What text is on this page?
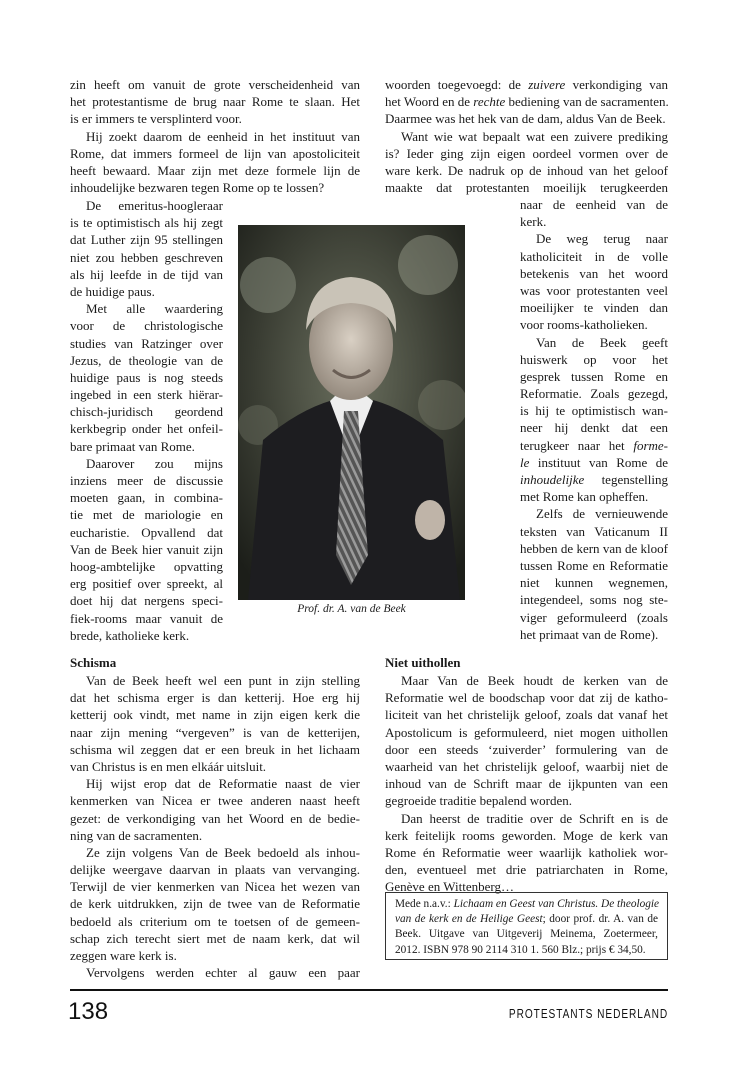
zin heeft om vanuit de grote verscheidenheid van
het protestantisme de brug naar Rome te slaan. Het
is er immers te versplinterd voor.
Hij zoekt daarom de eenheid in het instituut van
Rome, dat immers formeel de lijn van apostoliciteit
heeft bewaard. Maar zijn met deze formele lijn de
inhoudelijke bezwaren tegen Rome op te lossen?
De emeritus-hoogleraar
is te optimistisch als hij zegt
dat Luther zijn 95 stellingen
niet zou hebben geschreven
als hij leefde in de tijd van
de huidige paus.
Met alle waardering
voor de christologische
studies van Ratzinger over
Jezus, de theologie van de
huidige paus is nog steeds
ingebed in een sterk hiërar-
chisch-juridisch geordend
kerkbegrip onder het onfeil-
bare primaat van Rome.
Daarover zou mijns
inziens meer de discussie
moeten gaan, in combina-
tie met de mariologie en
eucharistie. Opvallend dat
Van de Beek hier vanuit zijn
hoog-ambtelijke opvatting
erg positief over spreekt, al
doet hij dat nergens speci-
fiek-rooms maar vanuit de
brede, katholieke kerk.
woorden toegevoegd: de zuivere verkondiging van
het Woord en de rechte bediening van de sacramenten.
Daarmee was het hek van de dam, aldus Van de Beek.
Want wie wat bepaalt wat een zuivere prediking
is? Ieder ging zijn eigen oordeel vormen over de
ware kerk. De nadruk op de inhoud van het geloof
maakte dat protestanten moeilijk terugkeerden
naar de eenheid van de
kerk.
De weg terug naar
katholiciteit in de volle
betekenis van het woord
was voor protestanten veel
moeilijker te vinden dan
voor rooms-katholieken.
Van de Beek geeft
huiswerk op voor het
gesprek tussen Rome en
Reformatie. Zoals gezegd,
is hij te optimistisch wan-
neer hij denkt dat een
terugkeer naar het forme-
le instituut van Rome de
inhoudelijke tegenstelling
met Rome kan opheffen.
Zelfs de vernieuwende
teksten van Vaticanum II
hebben de kern van de kloof
tussen Rome en Reformatie
niet kunnen wegnemen,
integendeel, soms nog ste-
viger geformuleerd (zoals
het primaat van de Rome).
Prof. dr. A. van de Beek
Schisma	Niet uithollen
Van de Beek heeft wel een punt in zijn stelling
dat het schisma erger is dan ketterij. Hoe erg hij
ketterij ook vindt, met name in zijn eigen kerk die
naar zijn mening “vergeven” is van de ketterijen,
schisma wil zeggen dat er een breuk in het lichaam
van Christus is en men elkáár uitsluit.
Hij wijst erop dat de Reformatie naast de vier
kenmerken van Nicea er twee anderen naast heeft
gezet: de verkondiging van het Woord en de bedie-
ning van de sacramenten.
Ze zijn volgens Van de Beek bedoeld als inhou-
delijke weergave daarvan in plaats van vervanging.
Terwijl de vier kenmerken van Nicea het wezen van
de kerk uitdrukken, zijn de twee van de Reformatie
bedoeld als criterium om te toetsen of de gemeen-
schap zich terecht siert met de naam kerk, dat wil
zeggen ware kerk is.
Vervolgens werden echter al gauw een paar
Maar Van de Beek houdt de kerken van de
Reformatie wel de boodschap voor dat zij de katho-
liciteit van het christelijk geloof, zoals dat vanaf het
Apostolicum is geformuleerd, niet mogen uithollen
door een steeds ‘zuiverder’ formulering van de
waarheid van het christelijk geloof, waarbij niet de
inhoud van de Schrift maar de ijkpunten van een
gegroeide traditie bepalend worden.
Dan heerst de traditie over de Schrift en is de
kerk feitelijk rooms geworden. Moge de kerk van
Rome én Reformatie weer waarlijk katholiek wor-
den, eventueel met drie patriarchaten in Rome,
Genève en Wittenberg…
Mede n.a.v.: Lichaam en Geest van Christus. De theologie
van de kerk en de Heilige Geest; door prof. dr. A. van de
Beek. Uitgave van Uitgeverij Meinema, Zoetermeer,
2012. ISBN 978 90 2114 310 1. 560 Blz.; prijs € 34,50.
138	PROTESTANTS NEDERLAND
